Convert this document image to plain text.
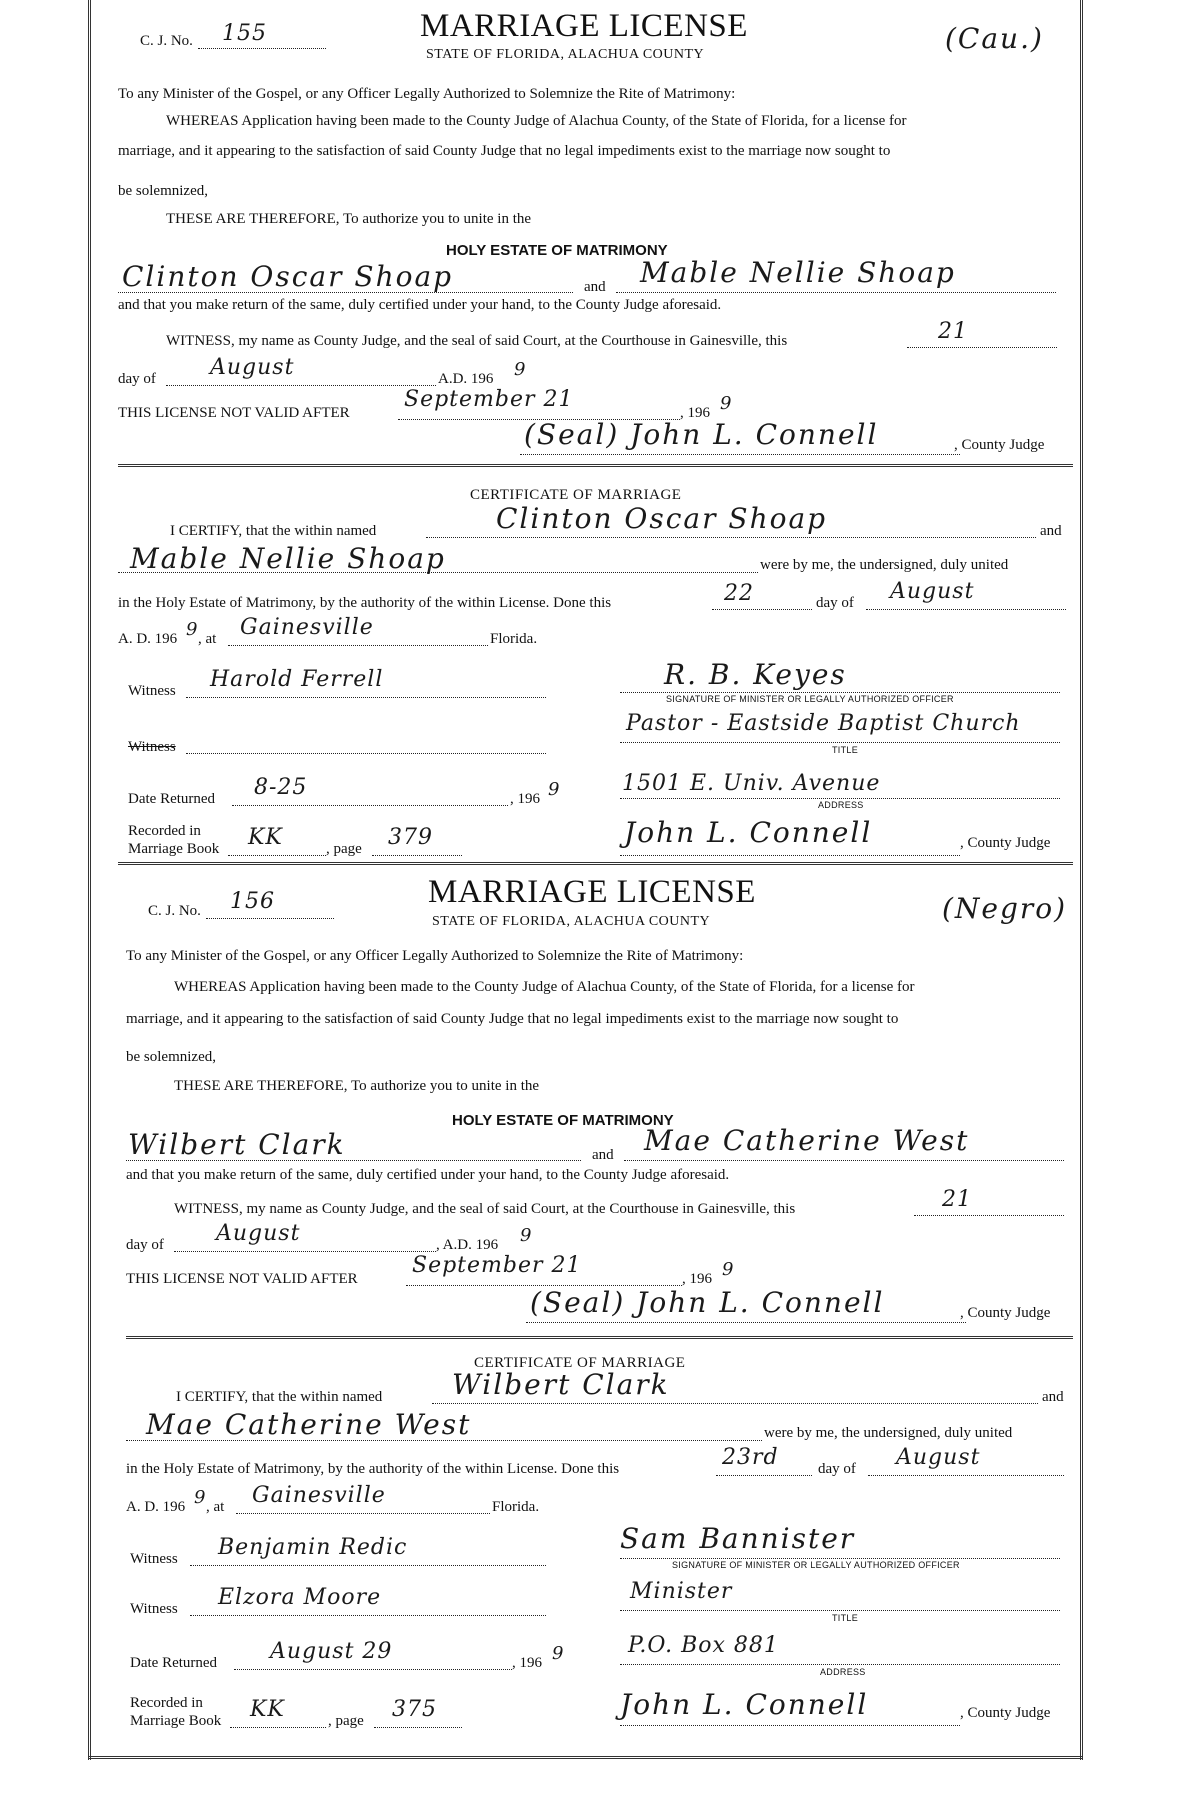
C. J. No. 155	MARRIAGE LICENSE
STATE OF FLORIDA, ALACHUA COUNTY	(Cau.)
To any Minister of the Gospel, or any Officer Legally Authorized to Solemnize the Rite of Matrimony:
WHEREAS Application having been made to the County Judge of Alachua County, of the State of Florida, for a license for
marriage, and it appearing to the satisfaction of said County Judge that no legal impediments exist to the marriage now sought to
be solemnized,
THESE ARE THEREFORE, To authorize you to unite in the
HOLY ESTATE OF MATRIMONY
Clinton Oscar Shoap	and Mable Nellie Shoap
and that you make return of the same, duly certified under your hand, to the County Judge aforesaid.
WITNESS, my name as County Judge, and the seal of said Court, at the Courthouse in Gainesville, this	21
day of August	A.D. 196 9
THIS LICENSE NOT VALID AFTER
September 21
, 196 9
(Seal) John L. Connell	, County Judge
CERTIFICATE OF MARRIAGE
I CERTIFY, that the within named	Clinton Oscar Shoap	and
Mable Nellie Shoap	were by me, the undersigned, duly united
in the Holy Estate of Matrimony, by the authority of the within License. Done this	22	day of August
A. D. 196 9 , at Gainesville	Florida.
Witness Harold Ferrell	R. B. Keyes
SIGNATURE OF MINISTER OR LEGALLY AUTHORIZED OFFICER
Witness
Pastor - Eastside Baptist Church
TITLE
Date Returned 8-25	, 196 9	1501 E. Univ. Avenue
ADDRESS
Recorded in
Marriage Book KK	, page 379	John L. Connell	, County Judge
C. J. No. 156	MARRIAGE LICENSE
STATE OF FLORIDA, ALACHUA COUNTY	(Negro)
To any Minister of the Gospel, or any Officer Legally Authorized to Solemnize the Rite of Matrimony:
WHEREAS Application having been made to the County Judge of Alachua County, of the State of Florida, for a license for
marriage, and it appearing to the satisfaction of said County Judge that no legal impediments exist to the marriage now sought to
be solemnized,
THESE ARE THEREFORE, To authorize you to unite in the
HOLY ESTATE OF MATRIMONY
Wilbert Clark	and Mae Catherine West
and that you make return of the same, duly certified under your hand, to the County Judge aforesaid.
WITNESS, my name as County Judge, and the seal of said Court, at the Courthouse in Gainesville, this	21
day of August	, A.D. 196 9
THIS LICENSE NOT VALID AFTER
September 21
, 196 9
(Seal) John L. Connell	, County Judge
CERTIFICATE OF MARRIAGE
I CERTIFY, that the within named Wilbert Clark	and
Mae Catherine West	were by me, the undersigned, duly united
in the Holy Estate of Matrimony, by the authority of the within License. Done this	23rd	day of August
A. D. 196 9 , at Gainesville	Florida.
Witness Benjamin Redic	Sam Bannister
SIGNATURE OF MINISTER OR LEGALLY AUTHORIZED OFFICER
Witness Elzora Moore	Minister
TITLE
Date Returned August 29	, 196 9	P.O. Box 881
ADDRESS
Recorded in
Marriage Book KK	, page 375	John L. Connell	, County Judge
